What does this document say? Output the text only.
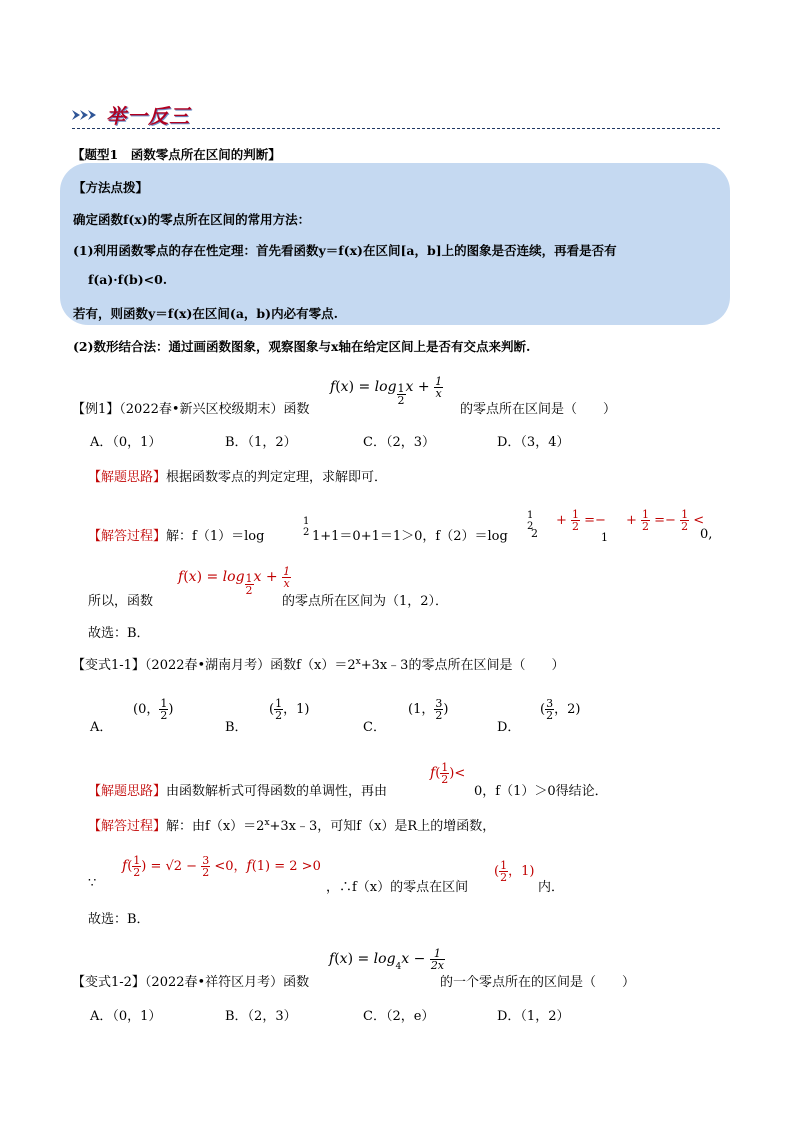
举一反三
【题型1　函数零点所在区间的判断】
【方法点拨】
确定函数f(x)的零点所在区间的常用方法：
(1)利用函数零点的存在性定理：首先看函数y＝f(x)在区间[a，b]上的图象是否连续，再看是否有
f(a)·f(b)<0.
若有，则函数y＝f(x)在区间(a，b)内必有零点.
(2)数形结合法：通过画函数图象，观察图象与x轴在给定区间上是否有交点来判断.
【例1】（2022春•新兴区校级期末）函数
f(x) = log $_{\frac{1}{2}}$ $x + \frac{1}{x}$
的零点所在区间是（　　）
A．（0，1）	B．（1，2）	C．（2，3）	D．（3，4）
【解题思路】根据函数零点的判定定理，求解即可．
【解答过程】解：f（1）＝log
1
2 1+1＝0+1＝1＞0，f（2）＝log
1
2
2
+ $\frac{1}{2}$ =−
1
+ $\frac{1}{2} =- \frac{1}{2}$ <
0,
所以，函数
f(x) = log $_{\frac{1}{2}}$ $x + \frac{1}{x}$
的零点所在区间为（1，2）．
故选：B．
【变式1-1】（2022春•湖南月考）函数$f(x)=2^x+3x﹣3$的零点所在区间是（　　）
A．
(0， $\frac{1}{2}$ )
B．
( $\frac{1}{2}$ ，1)
C．
(1， $\frac{3}{2}$ )
D．
( $\frac{3}{2}$ ，2)
【解题思路】由函数解析式可得函数的单调性，再由
$f( \frac{1}{2}$ )<
0，f（1）＞0得结论．
【解答过程】解：由$f(x)=2^x+3x﹣3$，可知f（x）是R上的增函数，
∵
$f( \frac{1}{2}$ ) = $√2 - \frac{3}{2} <0$，f(1) = 2 >0
，∴f（x）的零点在区间
( $\frac{1}{2}$ ，1)
内．
故选：B．
【变式1-2】（2022春•祥符区月考）函数
$f(x) = \log_4x - \frac{1}{2x}$
的一个零点所在的区间是（　　）
A．（0，1）	B．（2，3）	C．（2，e）	D．（1，2）
